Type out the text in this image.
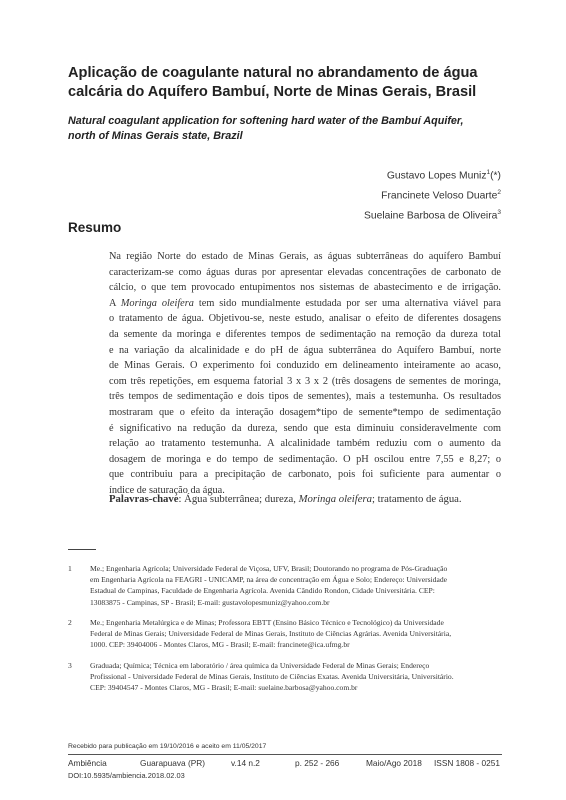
Aplicação de coagulante natural no abrandamento de água
calcária do Aquífero Bambuí, Norte de Minas Gerais, Brasil
Natural coagulant application for softening hard water of the Bambuí Aquifer,
north of Minas Gerais state, Brazil
Gustavo Lopes Muniz$^1$(*)
Francinete Veloso Duarte$^2$
Suelaine Barbosa de Oliveira$^3$
Resumo
Na região Norte do estado de Minas Gerais, as águas subterrâneas do aquífero Bambuí
caracterizam-se como águas duras por apresentar elevadas concentrações de carbonato de
cálcio, o que tem provocado entupimentos nos sistemas de abastecimento e de irrigação.
A Moringa oleifera tem sido mundialmente estudada por ser uma alternativa viável para
o tratamento de água. Objetivou-se, neste estudo, analisar o efeito de diferentes dosagens
da semente da moringa e diferentes tempos de sedimentação na remoção da dureza total
e na variação da alcalinidade e do pH de água subterrânea do Aquífero Bambuí, norte
de Minas Gerais. O experimento foi conduzido em delineamento inteiramente ao acaso,
com três repetições, em esquema fatorial 3 x 3 x 2 (três dosagens de sementes de moringa,
três tempos de sedimentação e dois tipos de sementes), mais a testemunha. Os resultados
mostraram que o efeito da interação dosagem*tipo de semente*tempo de sedimentação
é significativo na redução da dureza, sendo que esta diminuiu consideravelmente com
relação ao tratamento testemunha. A alcalinidade também reduziu com o aumento da
dosagem de moringa e do tempo de sedimentação. O pH oscilou entre 7,55 e 8,27; o
que contribuiu para a precipitação de carbonato, pois foi suficiente para aumentar o
índice de saturação da água.
Palavras-chave: Água subterrânea; dureza, Moringa oleifera; tratamento de água.
1 Me.; Engenharia Agrícola; Universidade Federal de Viçosa, UFV, Brasil; Doutorando no programa de Pós-Graduação
em Engenharia Agrícola na FEAGRI - UNICAMP, na área de concentração em Água e Solo; Endereço: Universidade
Estadual de Campinas, Faculdade de Engenharia Agrícola. Avenida Cândido Rondon, Cidade Universitária. CEP:
13083875 - Campinas, SP - Brasil; E-mail: gustavolopesmuniz@yahoo.com.br
2 Me.; Engenharia Metalúrgica e de Minas; Professora EBTT (Ensino Básico Técnico e Tecnológico) da Universidade
Federal de Minas Gerais; Universidade Federal de Minas Gerais, Instituto de Ciências Agrárias. Avenida Universitária,
1000. CEP: 39404006 - Montes Claros, MG - Brasil; E-mail: francinete@ica.ufmg.br
3 Graduada; Química; Técnica em laboratório / área química da Universidade Federal de Minas Gerais; Endereço
Profissional - Universidade Federal de Minas Gerais, Instituto de Ciências Exatas. Avenida Universitária, Universitário.
CEP: 39404547 - Montes Claros, MG - Brasil; E-mail: suelaine.barbosa@yahoo.com.br
Recebido para publicação em 19/10/2016 e aceito em 11/05/2017
Ambiência	Guarapuava (PR)	v.14 n.2	p. 252 - 266	Maio/Ago 2018 ISSN 1808 - 0251
DOI:10.5935/ambiencia.2018.02.03
